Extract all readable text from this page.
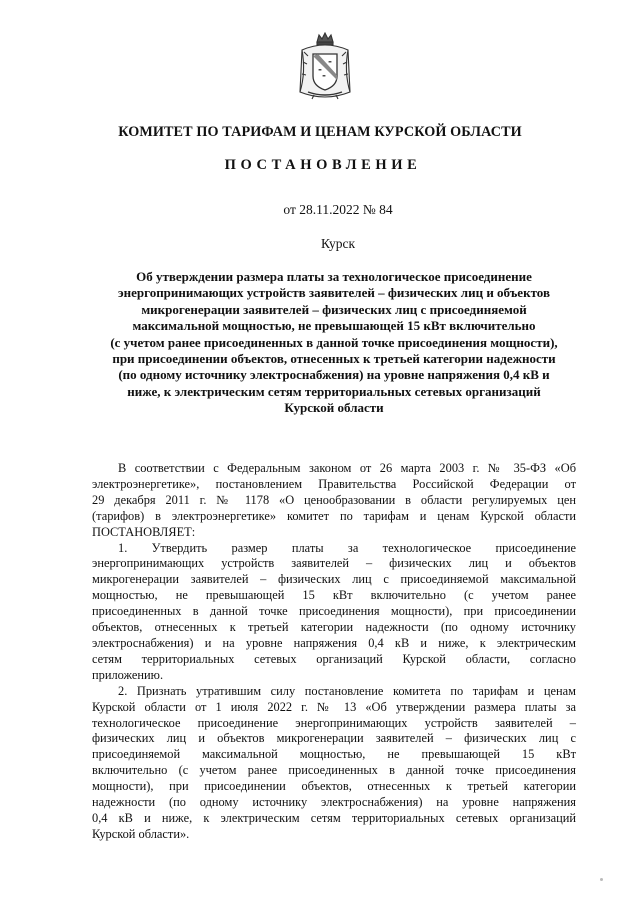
КОМИТЕТ ПО ТАРИФАМ И ЦЕНАМ КУРСКОЙ ОБЛАСТИ
ПОСТАНОВЛЕНИЕ
от 28.11.2022 № 84
Курск
Об утверждении размера платы за технологическое присоединение
энергопринимающих устройств заявителей – физических лиц и объектов
микрогенерации заявителей – физических лиц с присоединяемой
максимальной мощностью, не превышающей 15 кВт включительно
(с учетом ранее присоединенных в данной точке присоединения мощности),
при присоединении объектов, отнесенных к третьей категории надежности
(по одному источнику электроснабжения) на уровне напряжения 0,4 кВ и
ниже, к электрическим сетям территориальных сетевых организаций
Курской области
В соответствии с Федеральным законом от 26 марта 2003 г. № 35-ФЗ «Об
электроэнергетике», постановлением Правительства Российской Федерации от
29 декабря 2011 г. № 1178 «О ценообразовании в области регулируемых цен
(тарифов) в электроэнергетике» комитет по тарифам и ценам Курской области
ПОСТАНОВЛЯЕТ:
1. Утвердить размер платы за технологическое присоединение
энергопринимающих устройств заявителей – физических лиц и объектов
микрогенерации заявителей – физических лиц с присоединяемой максимальной
мощностью, не превышающей 15 кВт включительно (с учетом ранее
присоединенных в данной точке присоединения мощности), при присоединении
объектов, отнесенных к третьей категории надежности (по одному источнику
электроснабжения) и на уровне напряжения 0,4 кВ и ниже, к электрическим
сетям территориальных сетевых организаций Курской области, согласно
приложению.
2. Признать утратившим силу постановление комитета по тарифам и ценам
Курской области от 1 июля 2022 г. № 13 «Об утверждении размера платы за
технологическое присоединение энергопринимающих устройств заявителей –
физических лиц и объектов микрогенерации заявителей – физических лиц с
присоединяемой максимальной мощностью, не превышающей 15 кВт
включительно (с учетом ранее присоединенных в данной точке присоединения
мощности), при присоединении объектов, отнесенных к третьей категории
надежности (по одному источнику электроснабжения) на уровне напряжения
0,4 кВ и ниже, к электрическим сетям территориальных сетевых организаций
Курской области».
